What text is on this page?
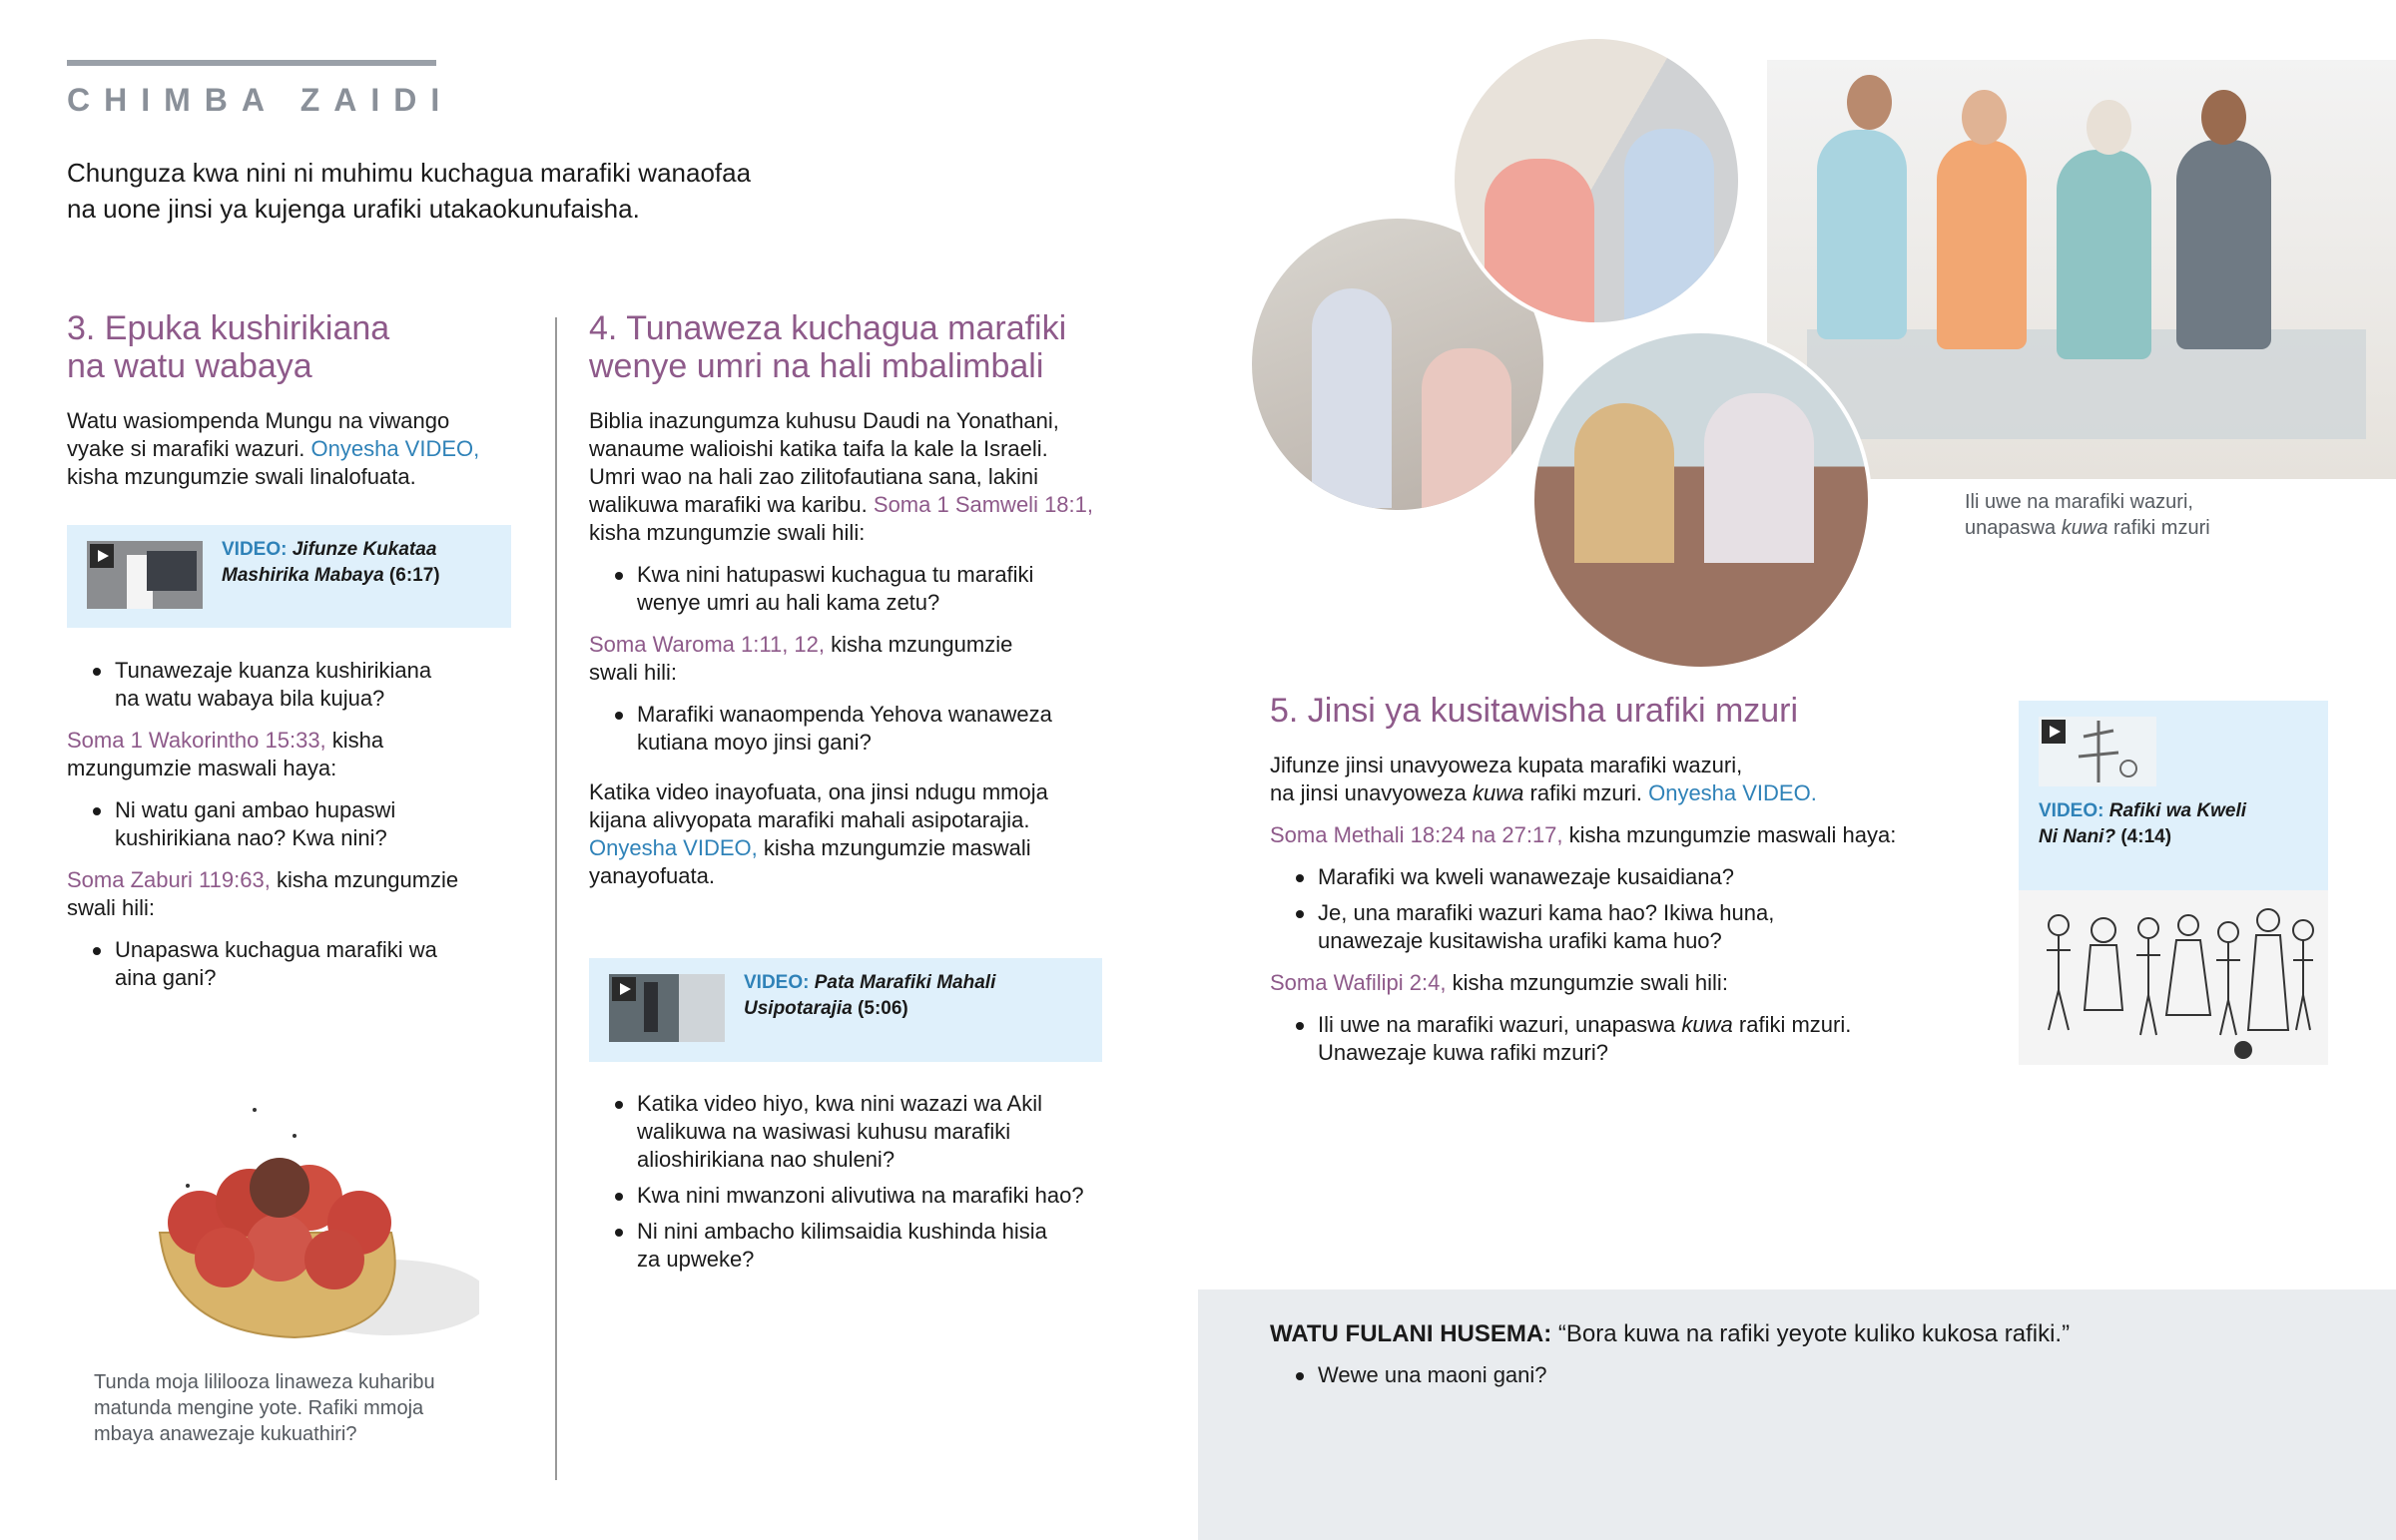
CHIMBA ZAIDI
Chunguza kwa nini ni muhimu kuchagua marafiki wanaofaa
na uone jinsi ya kujenga urafiki utakaokunufaisha.
3. Epuka kushirikiana
na watu wabaya
Watu wasiompenda Mungu na viwango
vyake si marafiki wazuri. Onyesha VIDEO,
kisha mzungumzie swali linalofuata.
VIDEO: Jifunze Kukataa
Mashirika Mabaya (6:17)
Tunawezaje kuanza kushirikiana
na watu wabaya bila kujua?
Soma 1 Wakorintho 15:33, kisha
mzungumzie maswali haya:
Ni watu gani ambao hupaswi
kushirikiana nao? Kwa nini?
Soma Zaburi 119:63, kisha mzungumzie
swali hili:
Unapaswa kuchagua marafiki wa
aina gani?
Tunda moja lililooza linaweza kuharibu
matunda mengine yote. Rafiki mmoja
mbaya anawezaje kukuathiri?
4. Tunaweza kuchagua marafiki
wenye umri na hali mbalimbali
Biblia inazungumza kuhusu Daudi na Yonathani,
wanaume walioishi katika taifa la kale la Israeli.
Umri wao na hali zao zilitofautiana sana, lakini
walikuwa marafiki wa karibu. Soma 1 Samweli 18:1,
kisha mzungumzie swali hili:
Kwa nini hatupaswi kuchagua tu marafiki
wenye umri au hali kama zetu?
Soma Waroma 1:11, 12, kisha mzungumzie
swali hili:
Marafiki wanaompenda Yehova wanaweza
kutiana moyo jinsi gani?
Katika video inayofuata, ona jinsi ndugu mmoja
kijana alivyopata marafiki mahali asipotarajia.
Onyesha VIDEO, kisha mzungumzie maswali
yanayofuata.
VIDEO: Pata Marafiki Mahali
Usipotarajia (5:06)
Katika video hiyo, kwa nini wazazi wa Akil
walikuwa na wasiwasi kuhusu marafiki
alioshirikiana nao shuleni?
Kwa nini mwanzoni alivutiwa na marafiki hao?
Ni nini ambacho kilimsaidia kushinda hisia
za upweke?
Ili uwe na marafiki wazuri,
unapaswa kuwa rafiki mzuri
5. Jinsi ya kusitawisha urafiki mzuri
Jifunze jinsi unavyoweza kupata marafiki wazuri,
na jinsi unavyoweza kuwa rafiki mzuri. Onyesha VIDEO.
Soma Methali 18:24 na 27:17, kisha mzungumzie maswali haya:
Marafiki wa kweli wanawezaje kusaidiana?
Je, una marafiki wazuri kama hao? Ikiwa huna,
unawezaje kusitawisha urafiki kama huo?
Soma Wafilipi 2:4, kisha mzungumzie swali hili:
Ili uwe na marafiki wazuri, unapaswa kuwa rafiki mzuri.
Unawezaje kuwa rafiki mzuri?
VIDEO: Rafiki wa Kweli
Ni Nani? (4:14)
WATU FULANI HUSEMA: “Bora kuwa na rafiki yeyote kuliko kukosa rafiki.”
Wewe una maoni gani?
